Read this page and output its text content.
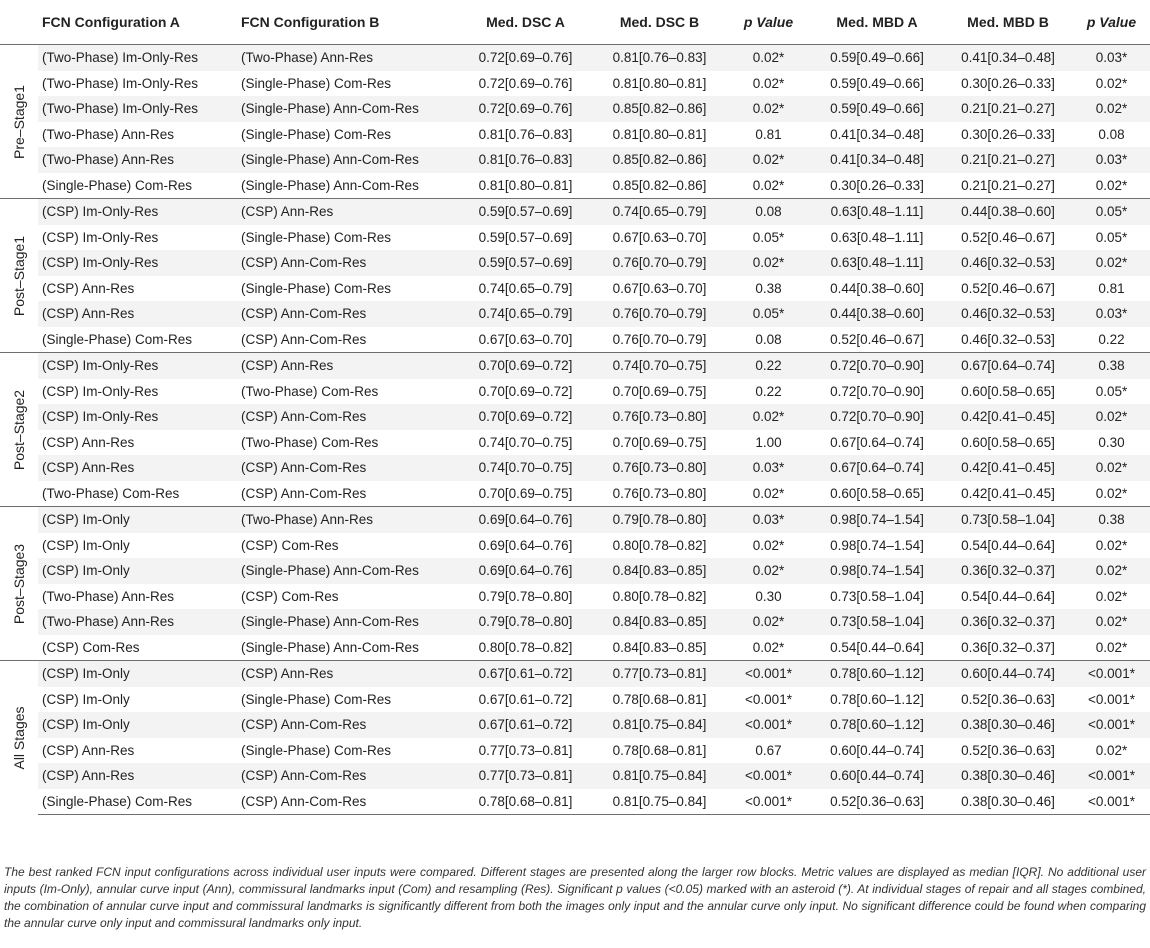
	FCN Configuration A	FCN Configuration B	Med. DSC A	Med. DSC B	p Value	Med. MBD A	Med. MBD B	p Value

Pre–Stage1	(Two-Phase) Im-Only-Res	(Two-Phase) Ann-Res	0.72[0.69–0.76]	0.81[0.76–0.83]	0.02*	0.59[0.49–0.66]	0.41[0.34–0.48]	0.03*
	(Two-Phase) Im-Only-Res	(Single-Phase) Com-Res	0.72[0.69–0.76]	0.81[0.80–0.81]	0.02*	0.59[0.49–0.66]	0.30[0.26–0.33]	0.02*
	(Two-Phase) Im-Only-Res	(Single-Phase) Ann-Com-Res	0.72[0.69–0.76]	0.85[0.82–0.86]	0.02*	0.59[0.49–0.66]	0.21[0.21–0.27]	0.02*
	(Two-Phase) Ann-Res	(Single-Phase) Com-Res	0.81[0.76–0.83]	0.81[0.80–0.81]	0.81	0.41[0.34–0.48]	0.30[0.26–0.33]	0.08
	(Two-Phase) Ann-Res	(Single-Phase) Ann-Com-Res	0.81[0.76–0.83]	0.85[0.82–0.86]	0.02*	0.41[0.34–0.48]	0.21[0.21–0.27]	0.03*
	(Single-Phase) Com-Res	(Single-Phase) Ann-Com-Res	0.81[0.80–0.81]	0.85[0.82–0.86]	0.02*	0.30[0.26–0.33]	0.21[0.21–0.27]	0.02*

Post–Stage1	(CSP) Im-Only-Res	(CSP) Ann-Res	0.59[0.57–0.69]	0.74[0.65–0.79]	0.08	0.63[0.48–1.11]	0.44[0.38–0.60]	0.05*
	(CSP) Im-Only-Res	(Single-Phase) Com-Res	0.59[0.57–0.69]	0.67[0.63–0.70]	0.05*	0.63[0.48–1.11]	0.52[0.46–0.67]	0.05*
	(CSP) Im-Only-Res	(CSP) Ann-Com-Res	0.59[0.57–0.69]	0.76[0.70–0.79]	0.02*	0.63[0.48–1.11]	0.46[0.32–0.53]	0.02*
	(CSP) Ann-Res	(Single-Phase) Com-Res	0.74[0.65–0.79]	0.67[0.63–0.70]	0.38	0.44[0.38–0.60]	0.52[0.46–0.67]	0.81
	(CSP) Ann-Res	(CSP) Ann-Com-Res	0.74[0.65–0.79]	0.76[0.70–0.79]	0.05*	0.44[0.38–0.60]	0.46[0.32–0.53]	0.03*
	(Single-Phase) Com-Res	(CSP) Ann-Com-Res	0.67[0.63–0.70]	0.76[0.70–0.79]	0.08	0.52[0.46–0.67]	0.46[0.32–0.53]	0.22

Post–Stage2	(CSP) Im-Only-Res	(CSP) Ann-Res	0.70[0.69–0.72]	0.74[0.70–0.75]	0.22	0.72[0.70–0.90]	0.67[0.64–0.74]	0.38
	(CSP) Im-Only-Res	(Two-Phase) Com-Res	0.70[0.69–0.72]	0.70[0.69–0.75]	0.22	0.72[0.70–0.90]	0.60[0.58–0.65]	0.05*
	(CSP) Im-Only-Res	(CSP) Ann-Com-Res	0.70[0.69–0.72]	0.76[0.73–0.80]	0.02*	0.72[0.70–0.90]	0.42[0.41–0.45]	0.02*
	(CSP) Ann-Res	(Two-Phase) Com-Res	0.74[0.70–0.75]	0.70[0.69–0.75]	1.00	0.67[0.64–0.74]	0.60[0.58–0.65]	0.30
	(CSP) Ann-Res	(CSP) Ann-Com-Res	0.74[0.70–0.75]	0.76[0.73–0.80]	0.03*	0.67[0.64–0.74]	0.42[0.41–0.45]	0.02*
	(Two-Phase) Com-Res	(CSP) Ann-Com-Res	0.70[0.69–0.75]	0.76[0.73–0.80]	0.02*	0.60[0.58–0.65]	0.42[0.41–0.45]	0.02*

Post–Stage3	(CSP) Im-Only	(Two-Phase) Ann-Res	0.69[0.64–0.76]	0.79[0.78–0.80]	0.03*	0.98[0.74–1.54]	0.73[0.58–1.04]	0.38
	(CSP) Im-Only	(CSP) Com-Res	0.69[0.64–0.76]	0.80[0.78–0.82]	0.02*	0.98[0.74–1.54]	0.54[0.44–0.64]	0.02*
	(CSP) Im-Only	(Single-Phase) Ann-Com-Res	0.69[0.64–0.76]	0.84[0.83–0.85]	0.02*	0.98[0.74–1.54]	0.36[0.32–0.37]	0.02*
	(Two-Phase) Ann-Res	(CSP) Com-Res	0.79[0.78–0.80]	0.80[0.78–0.82]	0.30	0.73[0.58–1.04]	0.54[0.44–0.64]	0.02*
	(Two-Phase) Ann-Res	(Single-Phase) Ann-Com-Res	0.79[0.78–0.80]	0.84[0.83–0.85]	0.02*	0.73[0.58–1.04]	0.36[0.32–0.37]	0.02*
	(CSP) Com-Res	(Single-Phase) Ann-Com-Res	0.80[0.78–0.82]	0.84[0.83–0.85]	0.02*	0.54[0.44–0.64]	0.36[0.32–0.37]	0.02*

All Stages	(CSP) Im-Only	(CSP) Ann-Res	0.67[0.61–0.72]	0.77[0.73–0.81]	<0.001*	0.78[0.60–1.12]	0.60[0.44–0.74]	<0.001*
	(CSP) Im-Only	(Single-Phase) Com-Res	0.67[0.61–0.72]	0.78[0.68–0.81]	<0.001*	0.78[0.60–1.12]	0.52[0.36–0.63]	<0.001*
	(CSP) Im-Only	(CSP) Ann-Com-Res	0.67[0.61–0.72]	0.81[0.75–0.84]	<0.001*	0.78[0.60–1.12]	0.38[0.30–0.46]	<0.001*
	(CSP) Ann-Res	(Single-Phase) Com-Res	0.77[0.73–0.81]	0.78[0.68–0.81]	0.67	0.60[0.44–0.74]	0.52[0.36–0.63]	0.02*
	(CSP) Ann-Res	(CSP) Ann-Com-Res	0.77[0.73–0.81]	0.81[0.75–0.84]	<0.001*	0.60[0.44–0.74]	0.38[0.30–0.46]	<0.001*
	(Single-Phase) Com-Res	(CSP) Ann-Com-Res	0.78[0.68–0.81]	0.81[0.75–0.84]	<0.001*	0.52[0.36–0.63]	0.38[0.30–0.46]	<0.001*
The best ranked FCN input configurations across individual user inputs were compared. Different stages are presented along the larger row blocks. Metric values are displayed as median [IQR]. No additional user inputs (Im-Only), annular curve input (Ann), commissural landmarks input (Com) and resampling (Res). Significant p values (<0.05) marked with an asteroid (*). At individual stages of repair and all stages combined, the combination of annular curve input and commissural landmarks is significantly different from both the images only input and the annular curve only input. No significant difference could be found when comparing the annular curve only input and commissural landmarks only input.
